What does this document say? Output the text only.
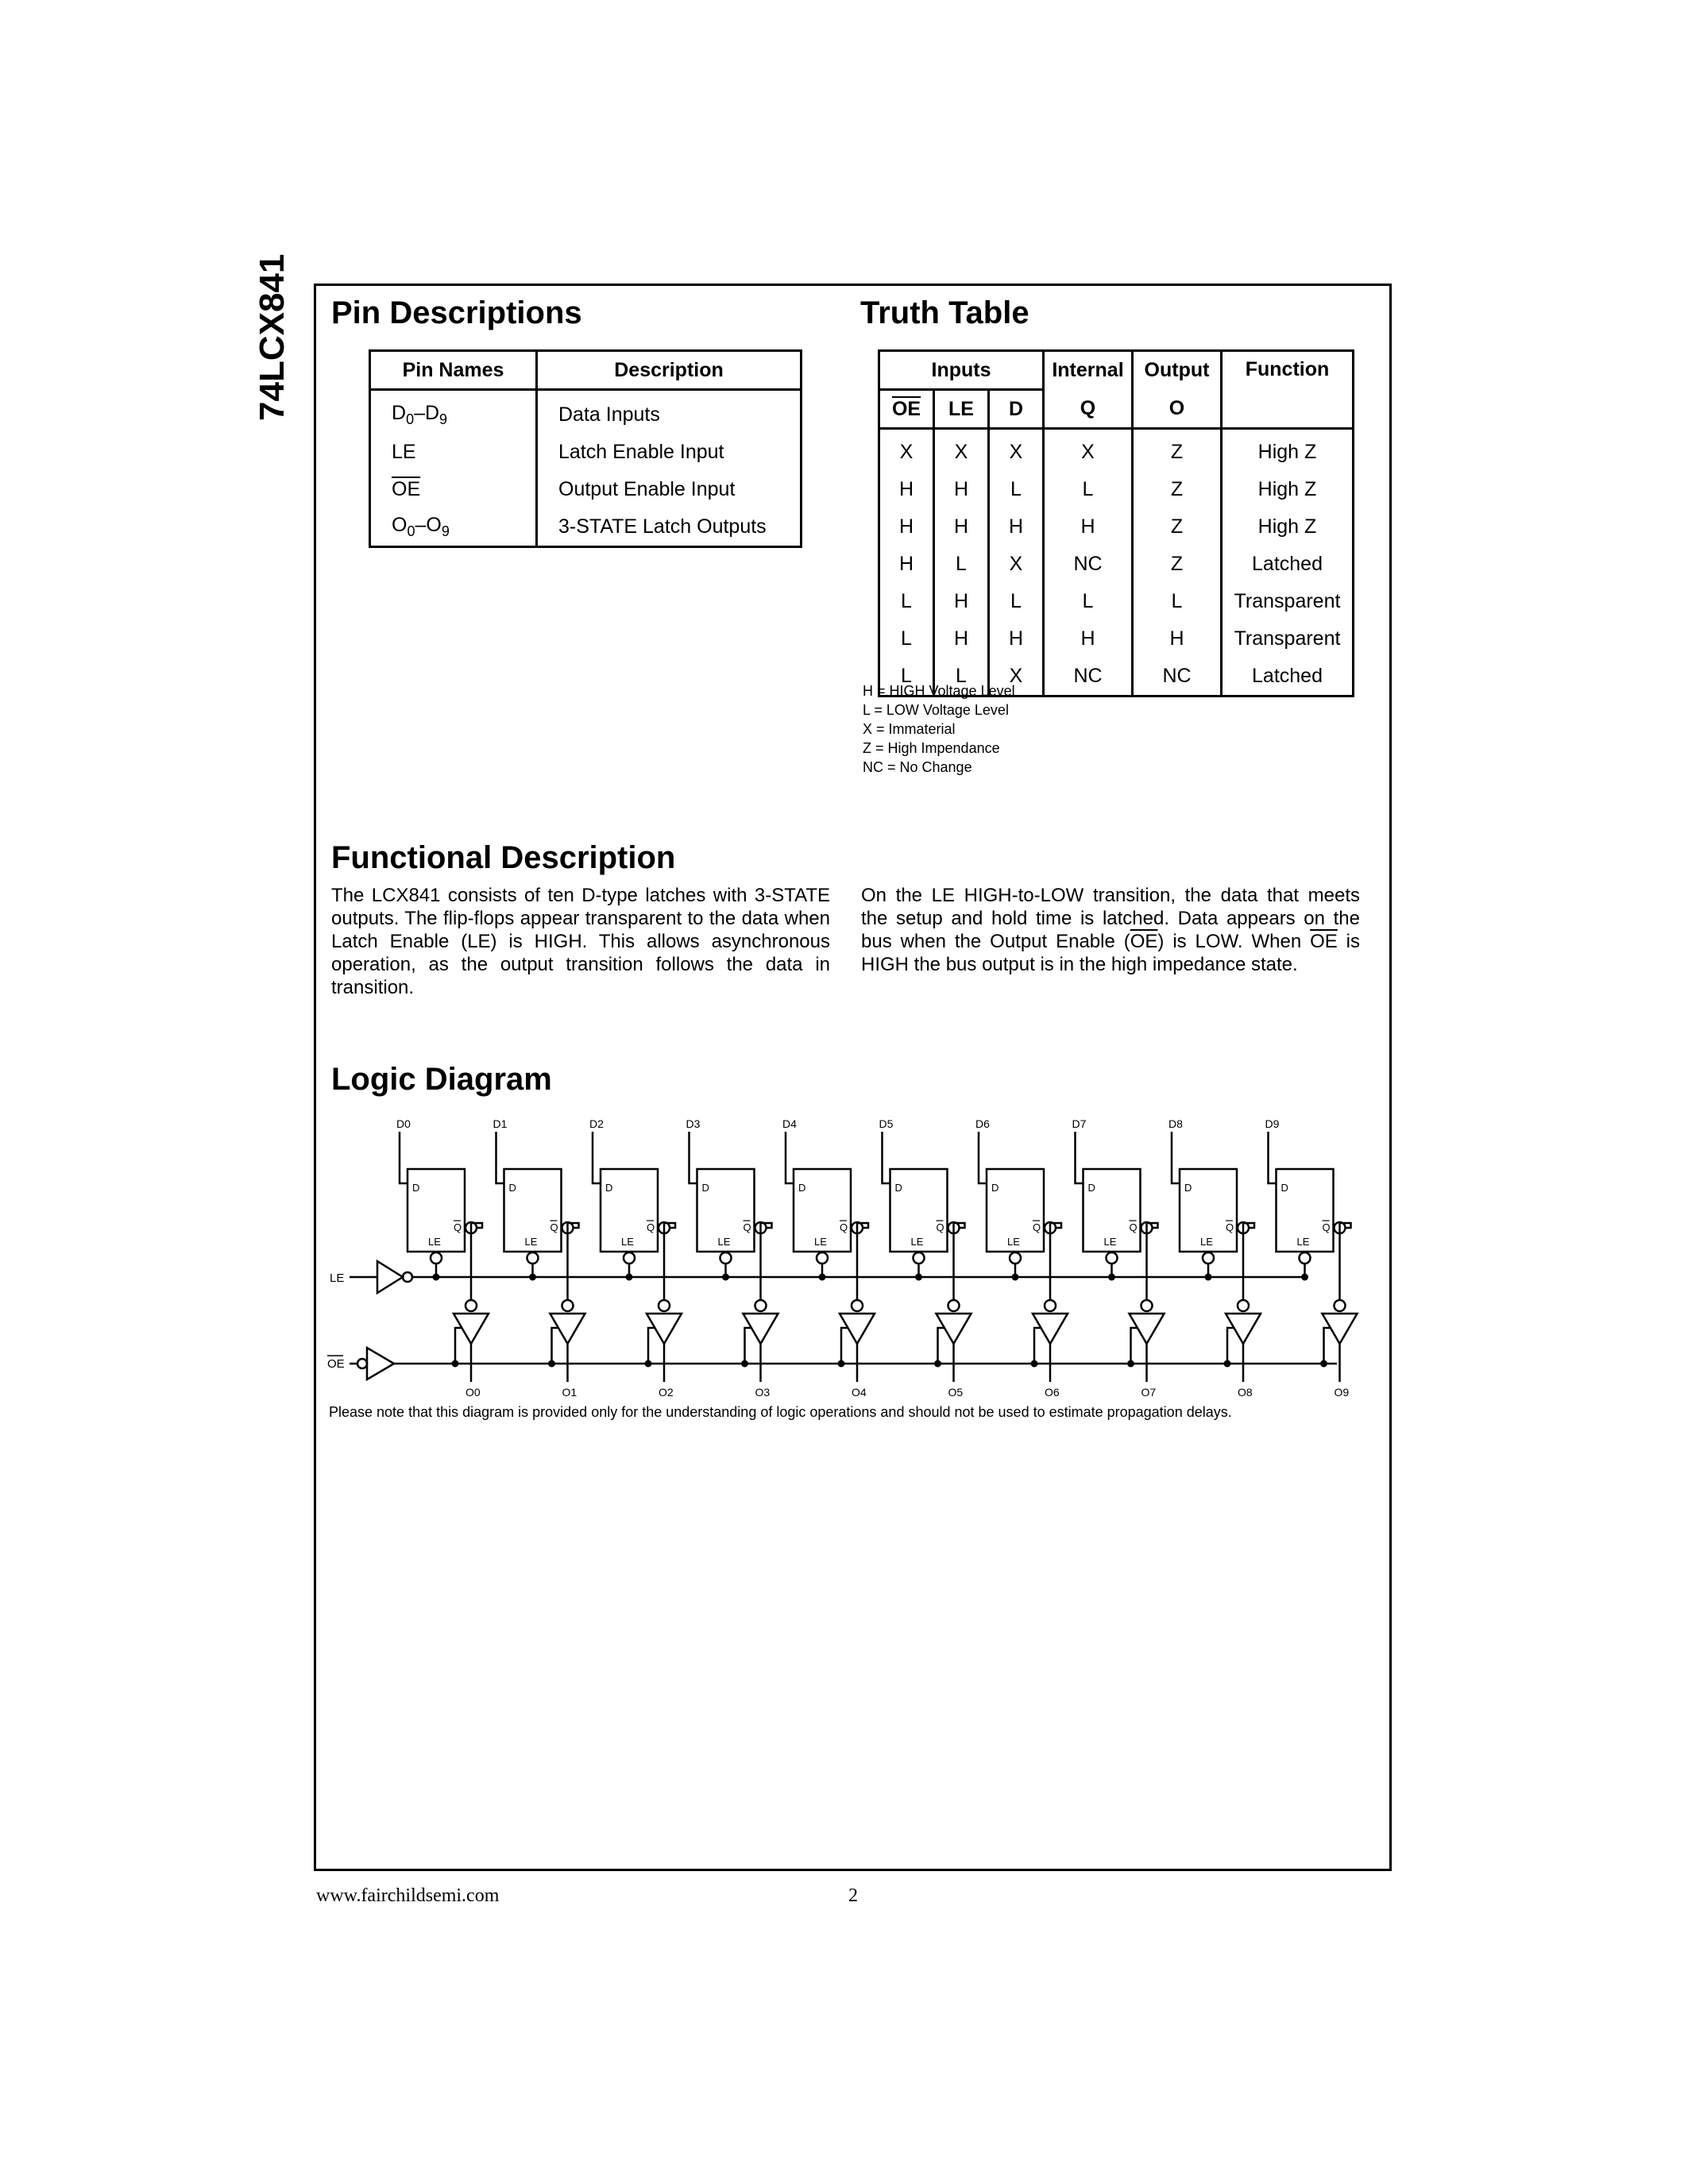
74LCX841 Pin Descriptions
Pin Names	Description
$D_0-D_9$	Data Inputs
LE	Latch Enable Input
$\overline{OE}$	Output Enable Input
$O_0-O_9$	3-STATE Latch Outputs
Truth Table
Inputs			Internal	Output	Function
$\overline{OE}$	LE	D	Q	O	
X	X	X	X	Z	High Z
H	H	L	L	Z	High Z
H	H	H	H	Z	High Z
H	L	X	NC	Z	Latched
L	H	L	L	L	Transparent
L	H	H	H	H	Transparent
L	L	X	NC	NC	Latched
H = HIGH Voltage Level
L = LOW Voltage Level
X = Immaterial
Z = High Impendance
NC = No Change
Functional Description

The LCX841 consists of ten D-type latches with 3-STATE outputs. The flip-flops appear transparent to the data when Latch Enable (LE) is HIGH. This allows asynchronous operation, as the output transition follows the data in transition.

On the LE HIGH-to-LOW transition, the data that meets the setup and hold time is latched. Data appears on the bus when the Output Enable $(\overline{OE})$ is LOW. When $\overline{OE}$ is HIGH the bus output is in the high impedance state.

Logic Diagram
LE
OE
D0
D
Q
LE
O0
D1
D
Q
LE
O1
D2
D
Q
LE
O2
D3
D
Q
LE
O3
D4
D
Q
LE
O4
D5
D
Q
LE
O5
D6
D
Q
LE
O6
D7
D
Q
LE
O7
D8
D
Q
LE
O8
D9
D
Q
LE
O9
Please note that this diagram is provided only for the understanding of logic operations and should not be used to estimate propagation delays.
www.fairchildsemi.com	2
